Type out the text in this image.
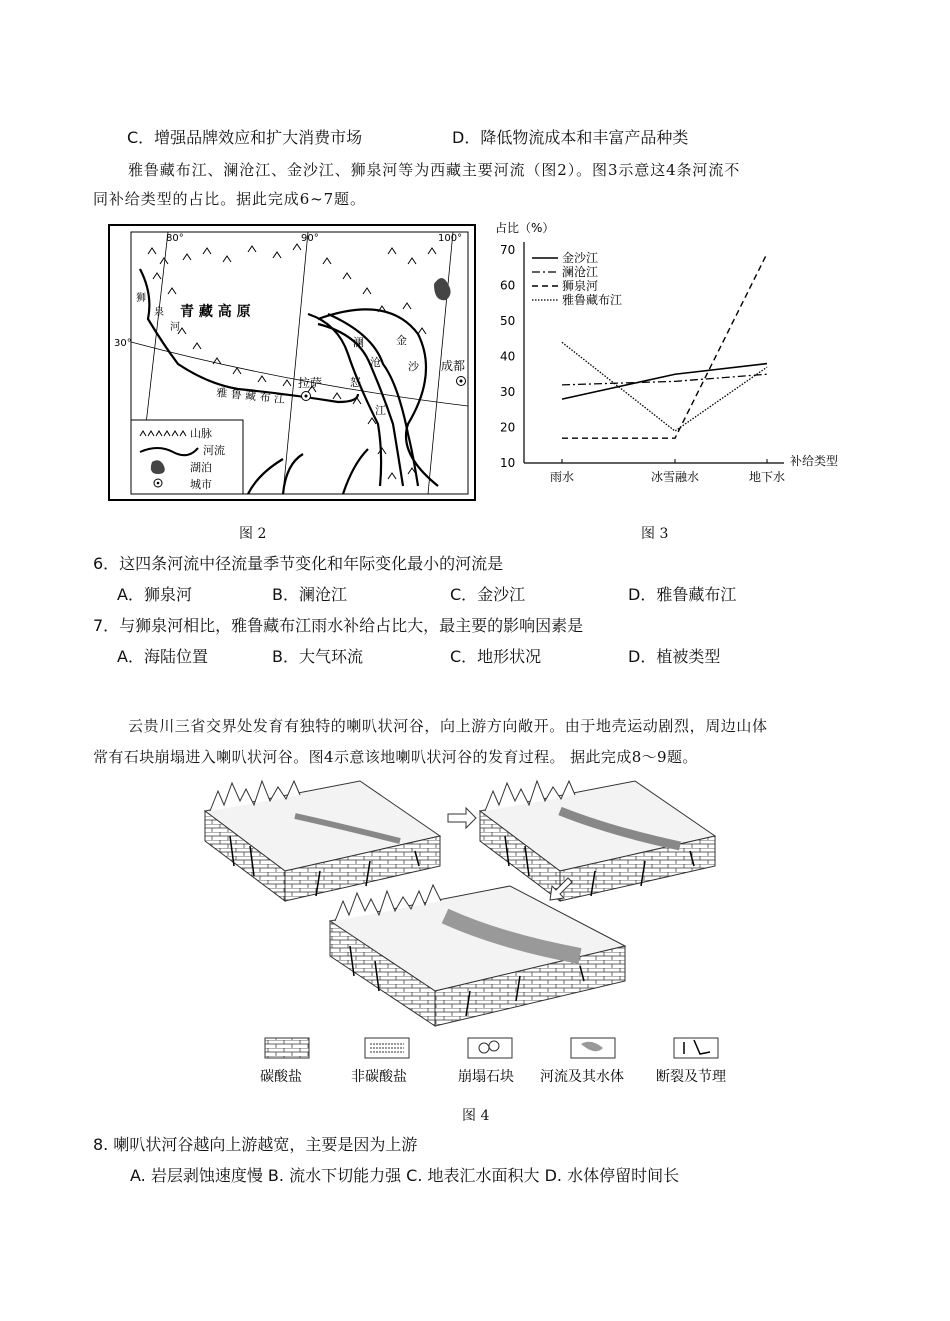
C．增强品牌效应和扩大消费市场	D．降低物流成本和丰富产品种类
雅鲁藏布江、澜沧江、金沙江、狮泉河等为西藏主要河流（图2）。图3示意这4条河流不
同补给类型的占比。据此完成6~7题。
80°	90°	100°
30°
拉萨
成都
青 藏 高 原
狮
泉
河
澜
沧
金
沙
怒
江
雅 鲁 藏 布 江
山脉
河流
湖泊
城市
占比（%）
补给类型
10
20
30
40
50
60
70
雨水	冰雪融水	地下水
金沙江
澜沧江
狮泉河
雅鲁藏布江
图 2	图 3
6．这四条河流中径流量季节变化和年际变化最小的河流是
A．狮泉河	B．澜沧江	C．金沙江	D．雅鲁藏布江
7．与狮泉河相比，雅鲁藏布江雨水补给占比大，最主要的影响因素是
A．海陆位置	B．大气环流	C．地形状况	D．植被类型
云贵川三省交界处发育有独特的喇叭状河谷，向上游方向敞开。由于地壳运动剧烈，周边山体
常有石块崩塌进入喇叭状河谷。图4示意该地喇叭状河谷的发育过程。 据此完成8～9题。
碳酸盐	非碳酸盐	崩塌石块 河流及其水体 断裂及节理
图 4
8. 喇叭状河谷越向上游越宽，主要是因为上游
A. 岩层剥蚀速度慢 B. 流水下切能力强 C. 地表汇水面积大 D. 水体停留时间长
